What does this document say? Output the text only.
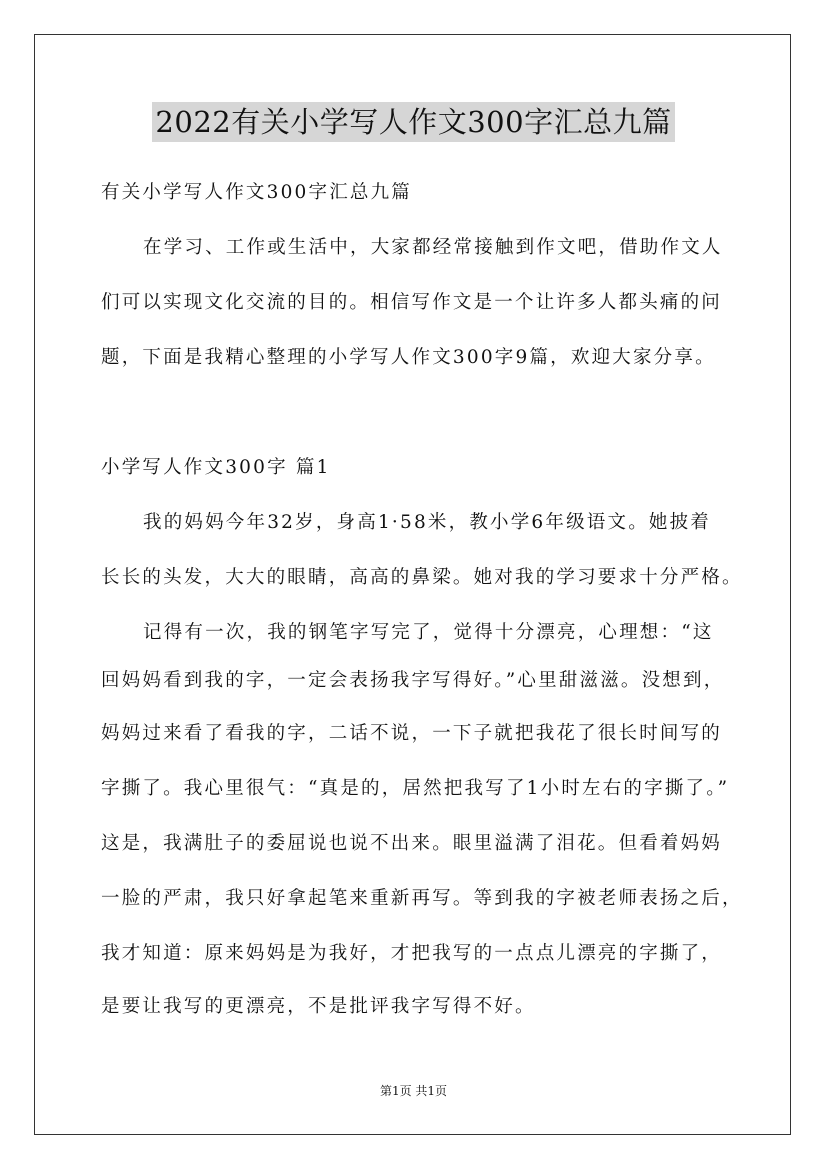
2022有关小学写人作文300字汇总九篇
有关小学写人作文300字汇总九篇
在学习、工作或生活中，大家都经常接触到作文吧，借助作文人
们可以实现文化交流的目的。相信写作文是一个让许多人都头痛的问
题，下面是我精心整理的小学写人作文300字9篇，欢迎大家分享。
小学写人作文300字 篇1
我的妈妈今年32岁，身高1·58米，教小学6年级语文。她披着
长长的头发，大大的眼睛，高高的鼻梁。她对我的学习要求十分严格。
记得有一次，我的钢笔字写完了，觉得十分漂亮，心理想：“这
回妈妈看到我的字，一定会表扬我字写得好。”心里甜滋滋。没想到，
妈妈过来看了看我的字，二话不说，一下子就把我花了很长时间写的
字撕了。我心里很气：“真是的，居然把我写了1小时左右的字撕了。”
这是，我满肚子的委屈说也说不出来。眼里溢满了泪花。但看着妈妈
一脸的严肃，我只好拿起笔来重新再写。等到我的字被老师表扬之后，
我才知道：原来妈妈是为我好，才把我写的一点点儿漂亮的字撕了，
是要让我写的更漂亮，不是批评我字写得不好。
第1页 共1页
